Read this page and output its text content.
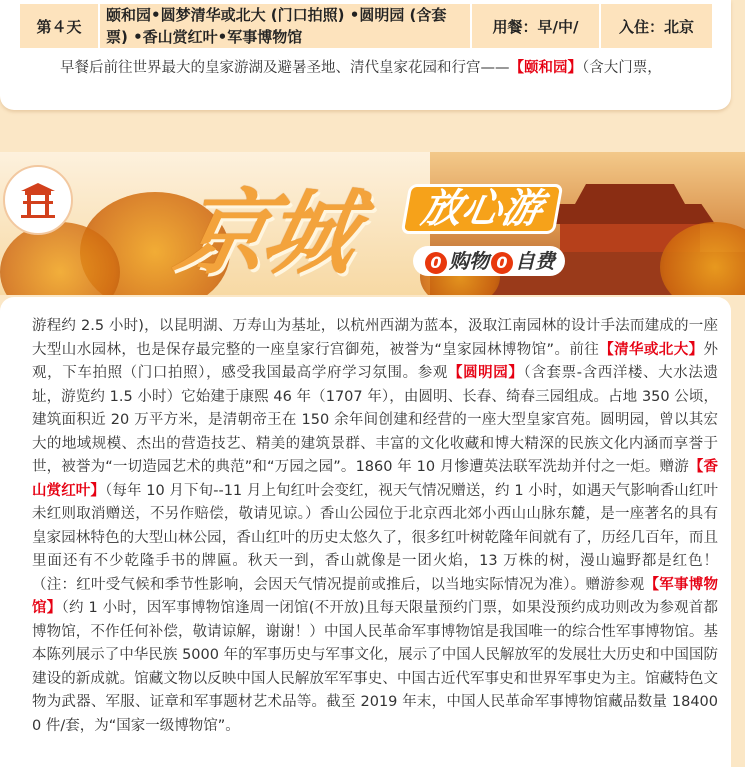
第４天	颐和园•圆梦清华或北大 (门口拍照) •圆明园 (含套票) •香山赏红叶•军事博物馆	用餐：早/中/	入住：北京
早餐后前往世界最大的皇家游湖及避暑圣地、清代皇家花园和行宫——【颐和园】（含大门票，
京城	放心游
0 购物 0 自费

游程约 2.5 小时)，以昆明湖、万寿山为基址，以杭州西湖为蓝本，汲取江南园林的设计手法而建成的一座大型山水园林，也是保存最完整的一座皇家行宫御苑，被誉为“皇家园林博物馆”。前往【清华或北大】外观，下车拍照（门口拍照），感受我国最高学府学习氛围。参观【圆明园】（含套票-含西洋楼、大水法遗址，游览约 1.5 小时）它始建于康熙 46 年（1707 年），由圆明、长春、绮春三园组成。占地 350 公顷，建筑面积近 20 万平方米，是清朝帝王在 150 余年间创建和经营的一座大型皇家宫苑。圆明园，曾以其宏大的地域规模、杰出的营造技艺、精美的建筑景群、丰富的文化收藏和博大精深的民族文化内涵而享誉于世，被誉为“一切造园艺术的典范”和“万园之园”。1860 年 10 月惨遭英法联军洗劫并付之一炬。赠游【香山赏红叶】（每年 10 月下旬--11 月上旬红叶会变红，视天气情况赠送，约 1 小时，如遇天气影响香山红叶未红则取消赠送，不另作赔偿，敬请见谅。）香山公园位于北京西北郊小西山山脉东麓，是一座著名的具有皇家园林特色的大型山林公园，香山红叶的历史太悠久了，很多红叶树乾隆年间就有了，历经几百年，而且里面还有不少乾隆手书的牌匾。秋天一到，香山就像是一团火焰，13 万株的树，漫山遍野都是红色！（注：红叶受气候和季节性影响，会因天气情况提前或推后，以当地实际情况为准）。赠游参观【军事博物馆】（约 1 小时，因军事博物馆逢周一闭馆(不开放)且每天限量预约门票，如果没预约成功则改为参观首都博物馆，不作任何补偿，敬请谅解，谢谢！）中国人民革命军事博物馆是我国唯一的综合性军事博物馆。基本陈列展示了中华民族 5000 年的军事历史与军事文化，展示了中国人民解放军的发展壮大历史和中国国防建设的新成就。馆藏文物以反映中国人民解放军军事史、中国古近代军事史和世界军事史为主。馆藏特色文物为武器、军服、证章和军事题材艺术品等。截至 2019 年末，中国人民革命军事博物馆藏品数量 184000 件/套，为“国家一级博物馆”。
